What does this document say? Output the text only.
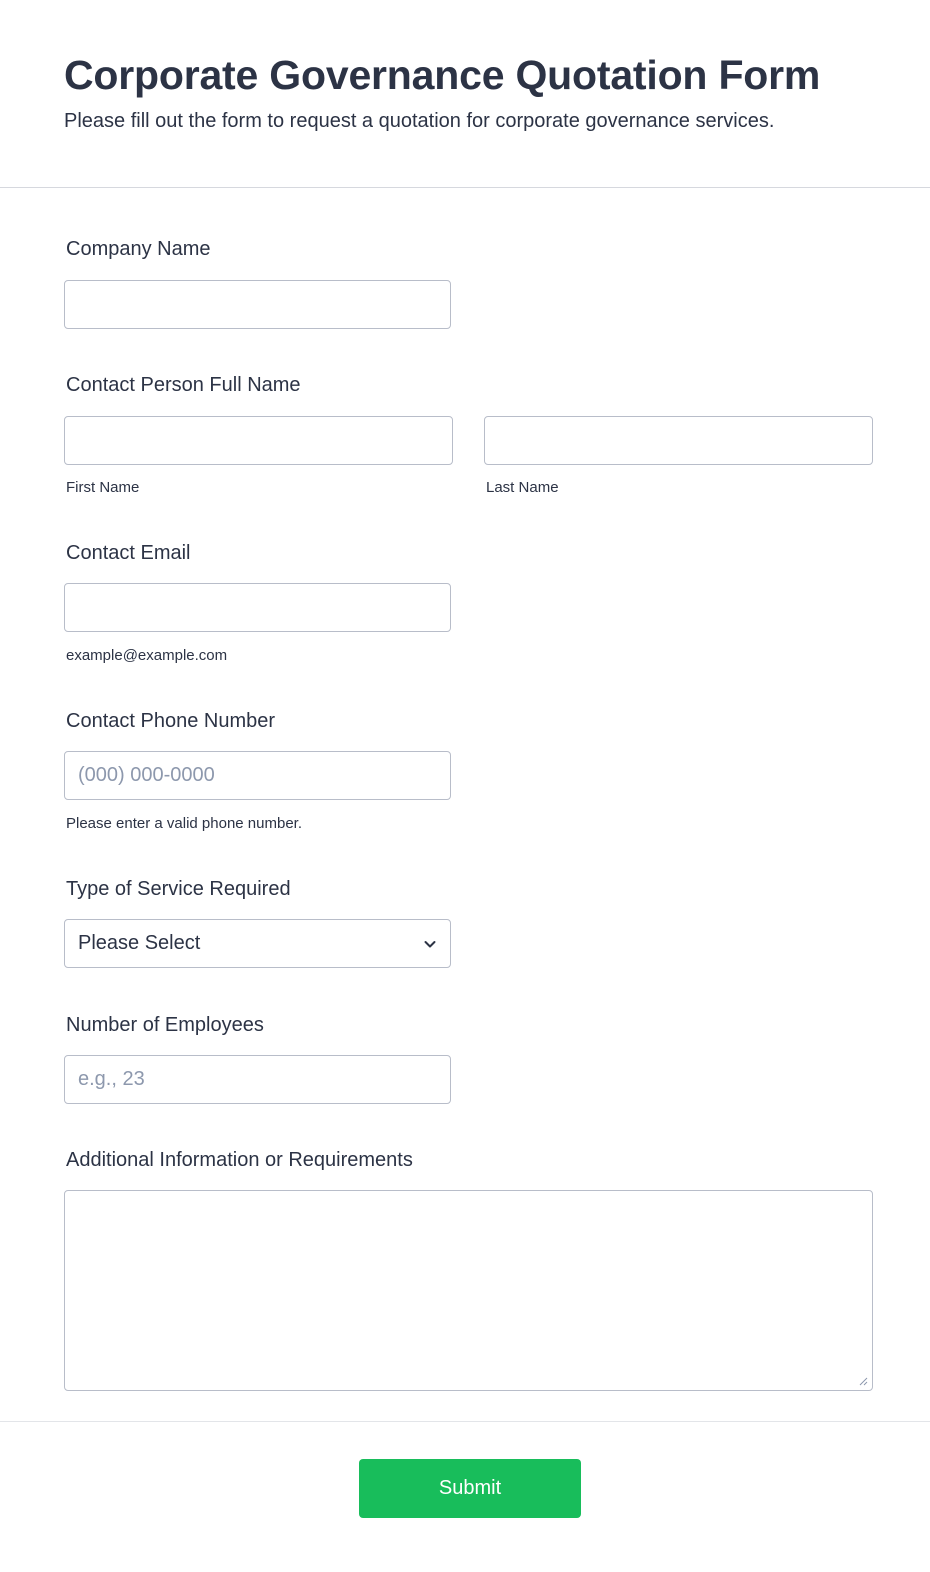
Corporate Governance Quotation Form

Please fill out the form to request a quotation for corporate governance services.

Company Name
Contact Person Full Name
First Name	Last Name
Contact Email
example@example.com
Contact Phone Number
(000) 000-0000
Please enter a valid phone number.
Type of Service Required
Please Select
Number of Employees
e.g., 23
Additional Information or Requirements
Submit
